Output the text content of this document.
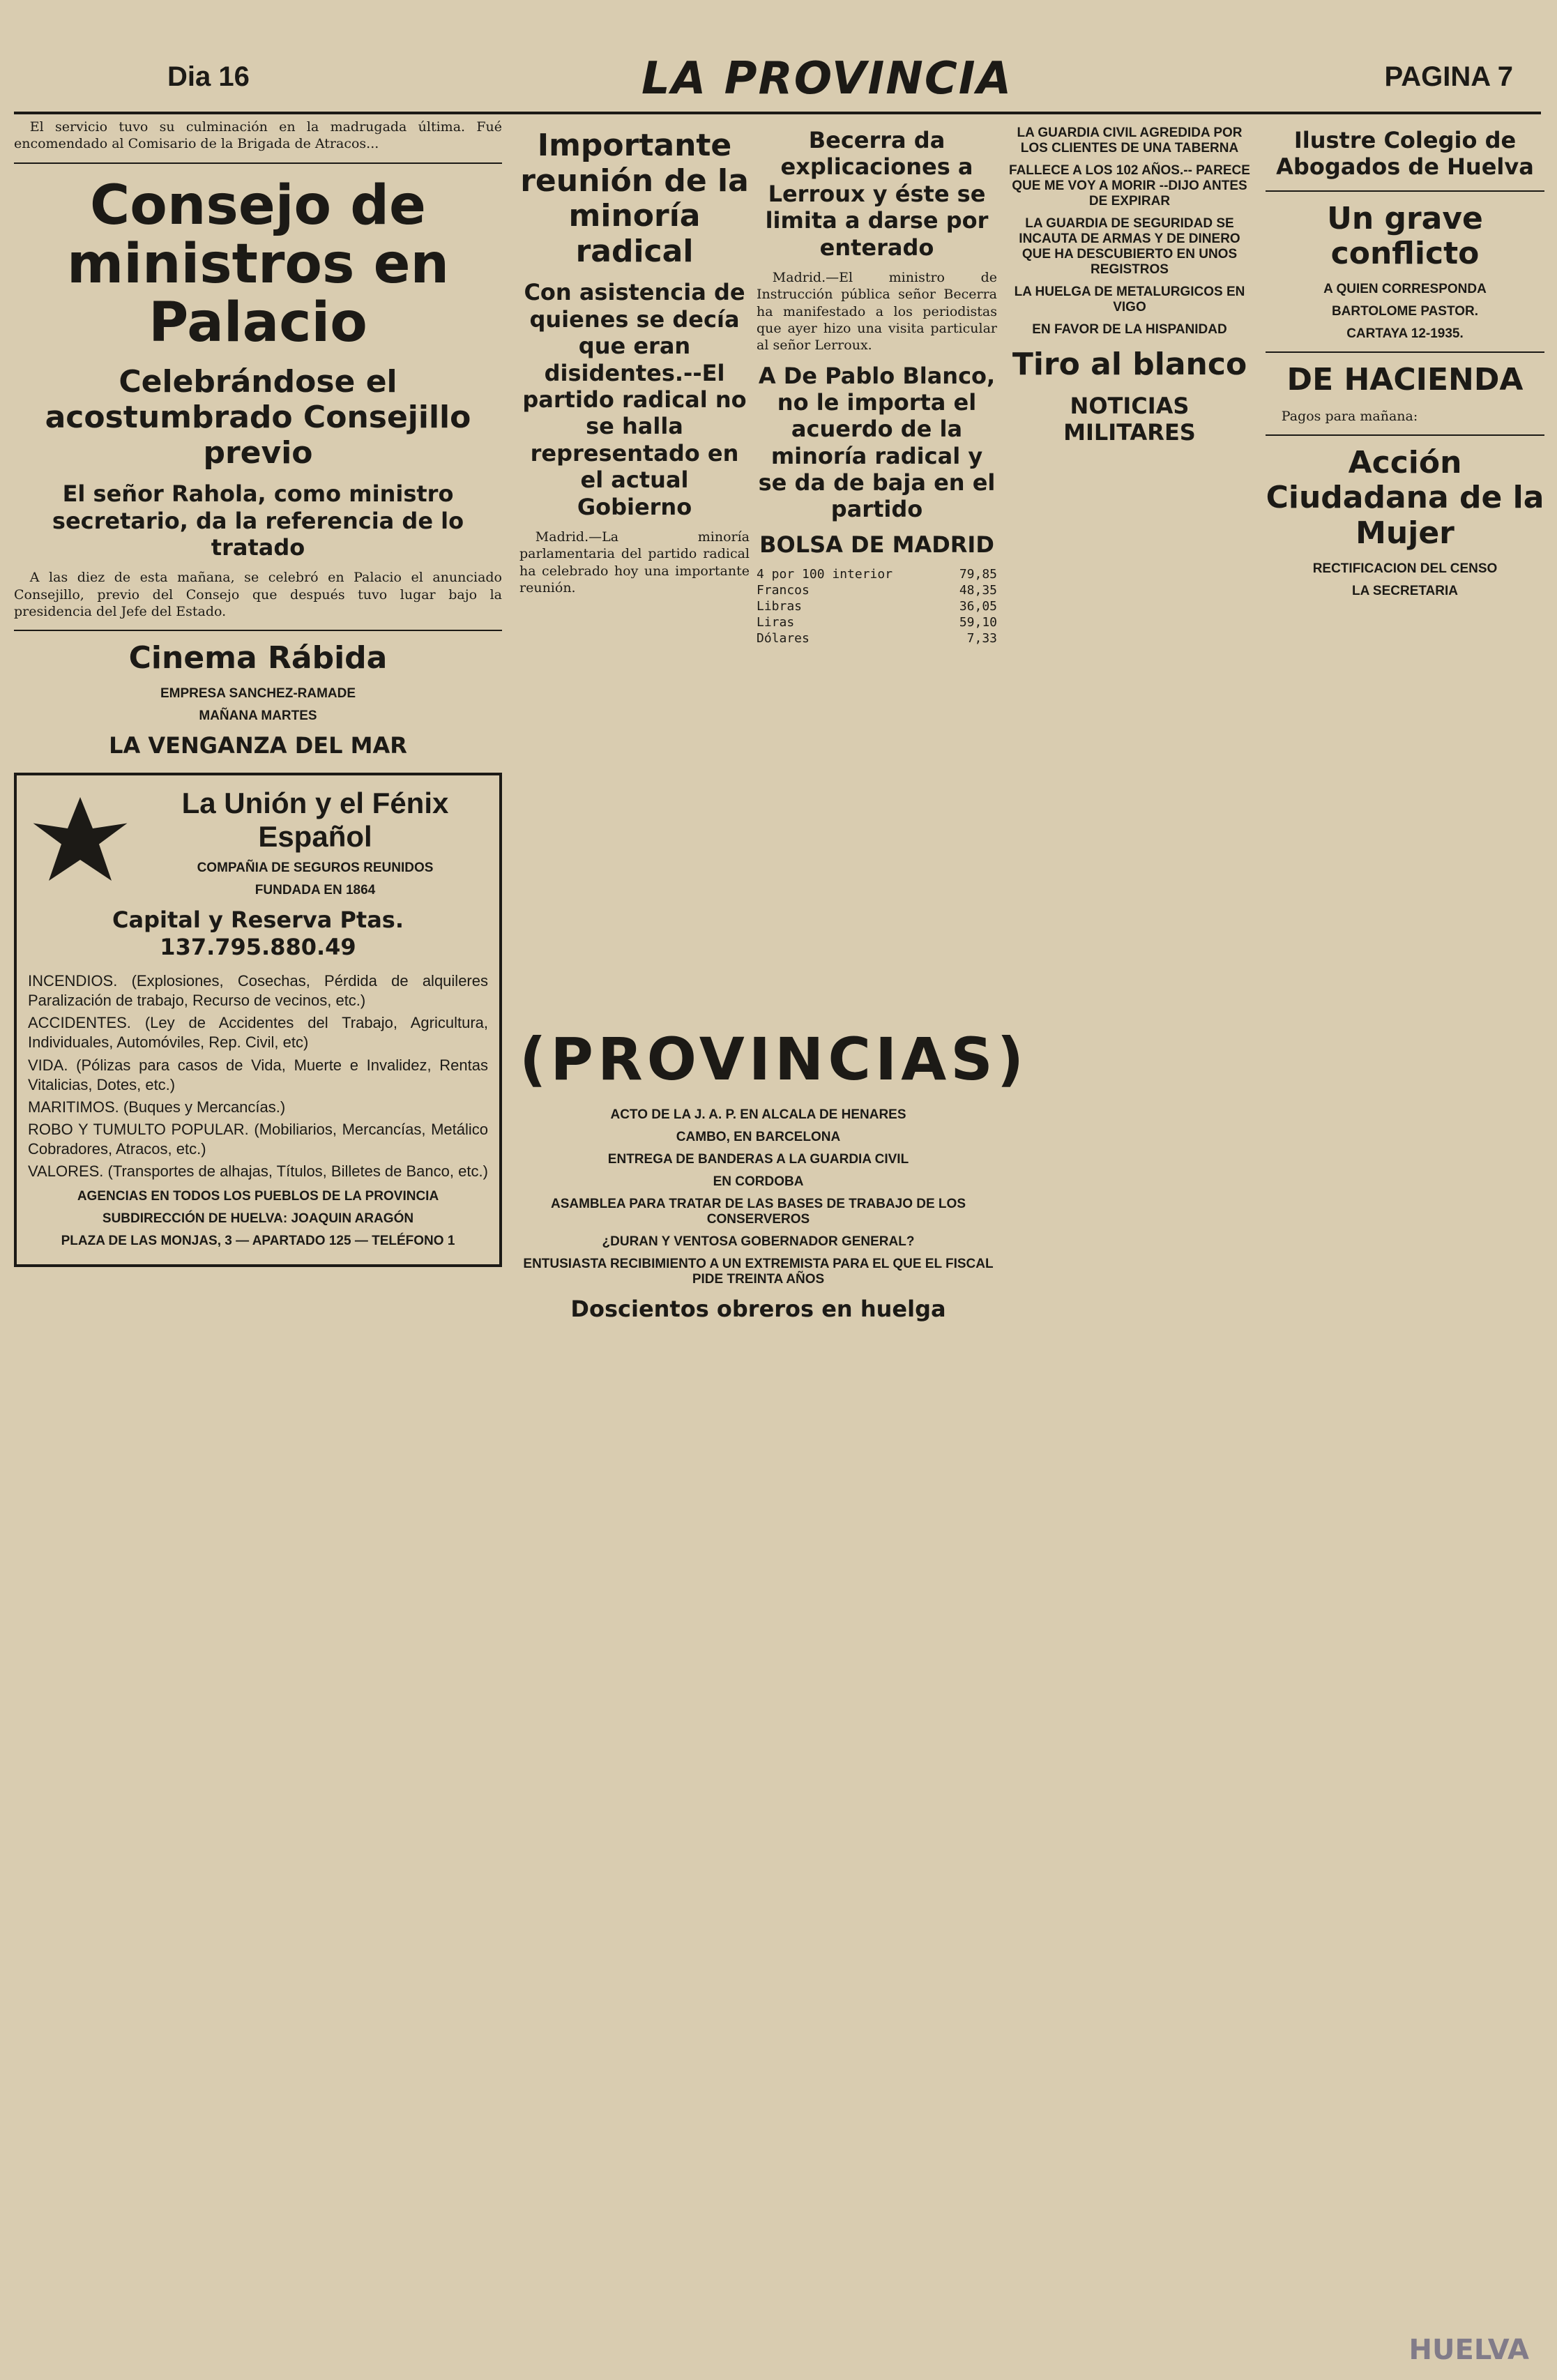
Dia 16	LA PROVINCIA	PAGINA 7

El servicio tuvo su culminación en la madrugada última. Fué encomendado al Comisario de la Brigada de Atracos...

Consejo de ministros en Palacio
Celebrándose el acostumbrado Consejillo previo
El señor Rahola, como ministro secretario, da la referencia de lo tratado

A las diez de esta mañana, se celebró en Palacio el anunciado Consejillo, previo del Consejo que después tuvo lugar bajo la presidencia del Jefe del Estado.

Cinema Rábida
EMPRESA SANCHEZ-RAMADE
MAÑANA MARTES
LA VENGANZA DEL MAR
La Unión y el Fénix Español
COMPAÑIA DE SEGUROS REUNIDOS
FUNDADA EN 1864
Capital y Reserva Ptas. 137.795.880.49
INCENDIOS. (Explosiones, Cosechas, Pérdida de alquileres Paralización de trabajo, Recurso de vecinos, etc.)
ACCIDENTES. (Ley de Accidentes del Trabajo, Agricultura, Individuales, Automóviles, Rep. Civil, etc)
VIDA. (Pólizas para casos de Vida, Muerte e Invalidez, Rentas Vitalicias, Dotes, etc.)
MARITIMOS. (Buques y Mercancías.)
ROBO Y TUMULTO POPULAR. (Mobiliarios, Mercancías, Metálico Cobradores, Atracos, etc.)
VALORES. (Transportes de alhajas, Títulos, Billetes de Banco, etc.)
AGENCIAS EN TODOS LOS PUEBLOS DE LA PROVINCIA
SUBDIRECCIÓN DE HUELVA: JOAQUIN ARAGÓN
PLAZA DE LAS MONJAS, 3 — APARTADO 125 — TELÉFONO 1
Importante reunión de la minoría radical
Con asistencia de quienes se decía que eran disidentes.--El partido radical no se halla representado en el actual Gobierno

Madrid.—La minoría parlamentaria del partido radical ha celebrado hoy una importante reunión.

Becerra da explicaciones a Lerroux y éste se limita a darse por enterado

Madrid.—El ministro de Instrucción pública señor Becerra ha manifestado a los periodistas que ayer hizo una visita particular al señor Lerroux.

A De Pablo Blanco, no le importa el acuerdo de la minoría radical y se da de baja en el partido
BOLSA DE MADRID
4 por 100 interior	79,85
Francos	48,35
Libras	36,05
Liras	59,10
Dólares	7,33
(PROVINCIAS)
ACTO DE LA J. A. P. EN ALCALA DE HENARES
CAMBO, EN BARCELONA
ENTREGA DE BANDERAS A LA GUARDIA CIVIL
EN CORDOBA
ASAMBLEA PARA TRATAR DE LAS BASES DE TRABAJO DE LOS CONSERVEROS
¿DURAN Y VENTOSA GOBERNADOR GENERAL?
ENTUSIASTA RECIBIMIENTO A UN EXTREMISTA PARA EL QUE EL FISCAL PIDE TREINTA AÑOS
Doscientos obreros en huelga
LA GUARDIA CIVIL AGREDIDA POR LOS CLIENTES DE UNA TABERNA
FALLECE A LOS 102 AÑOS.-- PARECE QUE ME VOY A MORIR --DIJO ANTES DE EXPIRAR
LA GUARDIA DE SEGURIDAD SE INCAUTA DE ARMAS Y DE DINERO QUE HA DESCUBIERTO EN UNOS REGISTROS
LA HUELGA DE METALURGICOS EN VIGO
EN FAVOR DE LA HISPANIDAD
Tiro al blanco
NOTICIAS MILITARES
Ilustre Colegio de Abogados de Huelva
Un grave conflicto
A QUIEN CORRESPONDA
BARTOLOME PASTOR.
CARTAYA 12-1935.
DE HACIENDA

Pagos para mañana:

Acción Ciudadana de la Mujer
RECTIFICACION DEL CENSO
LA SECRETARIA
HUELVA
